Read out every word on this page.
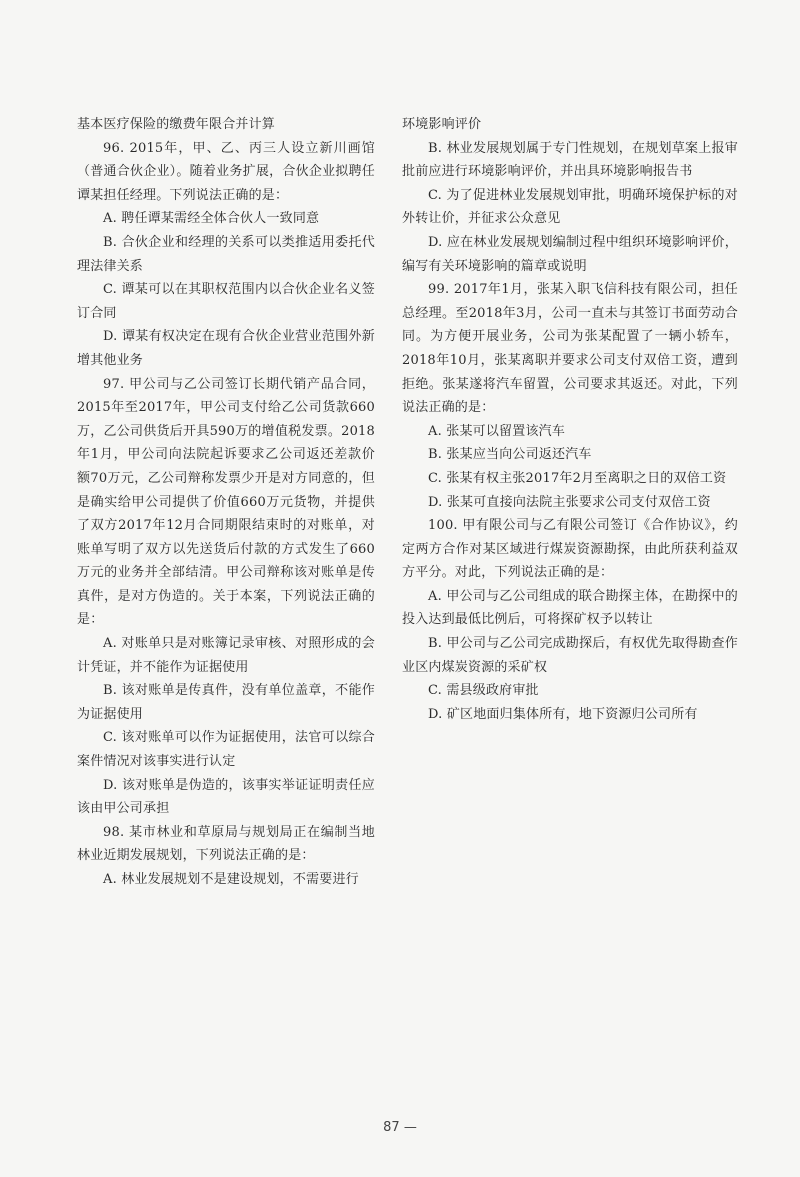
基本医疗保险的缴费年限合并计算

96. 2015年，甲、乙、丙三人设立新川画馆（普通合伙企业）。随着业务扩展，合伙企业拟聘任谭某担任经理。下列说法正确的是：

A. 聘任谭某需经全体合伙人一致同意

B. 合伙企业和经理的关系可以类推适用委托代理法律关系

C. 谭某可以在其职权范围内以合伙企业名义签订合同

D. 谭某有权决定在现有合伙企业营业范围外新增其他业务

97. 甲公司与乙公司签订长期代销产品合同，2015年至2017年，甲公司支付给乙公司货款660万，乙公司供货后开具590万的增值税发票。2018年1月，甲公司向法院起诉要求乙公司返还差款价额70万元，乙公司辩称发票少开是对方同意的，但是确实给甲公司提供了价值660万元货物，并提供了双方2017年12月合同期限结束时的对账单，对账单写明了双方以先送货后付款的方式发生了660万元的业务并全部结清。甲公司辩称该对账单是传真件，是对方伪造的。关于本案，下列说法正确的是：

A. 对账单只是对账簿记录审核、对照形成的会计凭证，并不能作为证据使用

B. 该对账单是传真件，没有单位盖章，不能作为证据使用

C. 该对账单可以作为证据使用，法官可以综合案件情况对该事实进行认定

D. 该对账单是伪造的，该事实举证证明责任应该由甲公司承担

98. 某市林业和草原局与规划局正在编制当地林业近期发展规划，下列说法正确的是：

A. 林业发展规划不是建设规划，不需要进行

环境影响评价

B. 林业发展规划属于专门性规划，在规划草案上报审批前应进行环境影响评价，并出具环境影响报告书

C. 为了促进林业发展规划审批，明确环境保护标的对外转让价，并征求公众意见

D. 应在林业发展规划编制过程中组织环境影响评价，编写有关环境影响的篇章或说明

99. 2017年1月，张某入职飞信科技有限公司，担任总经理。至2018年3月，公司一直未与其签订书面劳动合同。为方便开展业务，公司为张某配置了一辆小轿车，2018年10月，张某离职并要求公司支付双倍工资，遭到拒绝。张某遂将汽车留置，公司要求其返还。对此，下列说法正确的是：

A. 张某可以留置该汽车

B. 张某应当向公司返还汽车

C. 张某有权主张2017年2月至离职之日的双倍工资

D. 张某可直接向法院主张要求公司支付双倍工资

100. 甲有限公司与乙有限公司签订《合作协议》，约定两方合作对某区域进行煤炭资源勘探，由此所获利益双方平分。对此，下列说法正确的是：

A. 甲公司与乙公司组成的联合勘探主体，在勘探中的投入达到最低比例后，可将探矿权予以转让

B. 甲公司与乙公司完成勘探后，有权优先取得勘查作业区内煤炭资源的采矿权

C. 需县级政府审批

D. 矿区地面归集体所有，地下资源归公司所有

87 —
